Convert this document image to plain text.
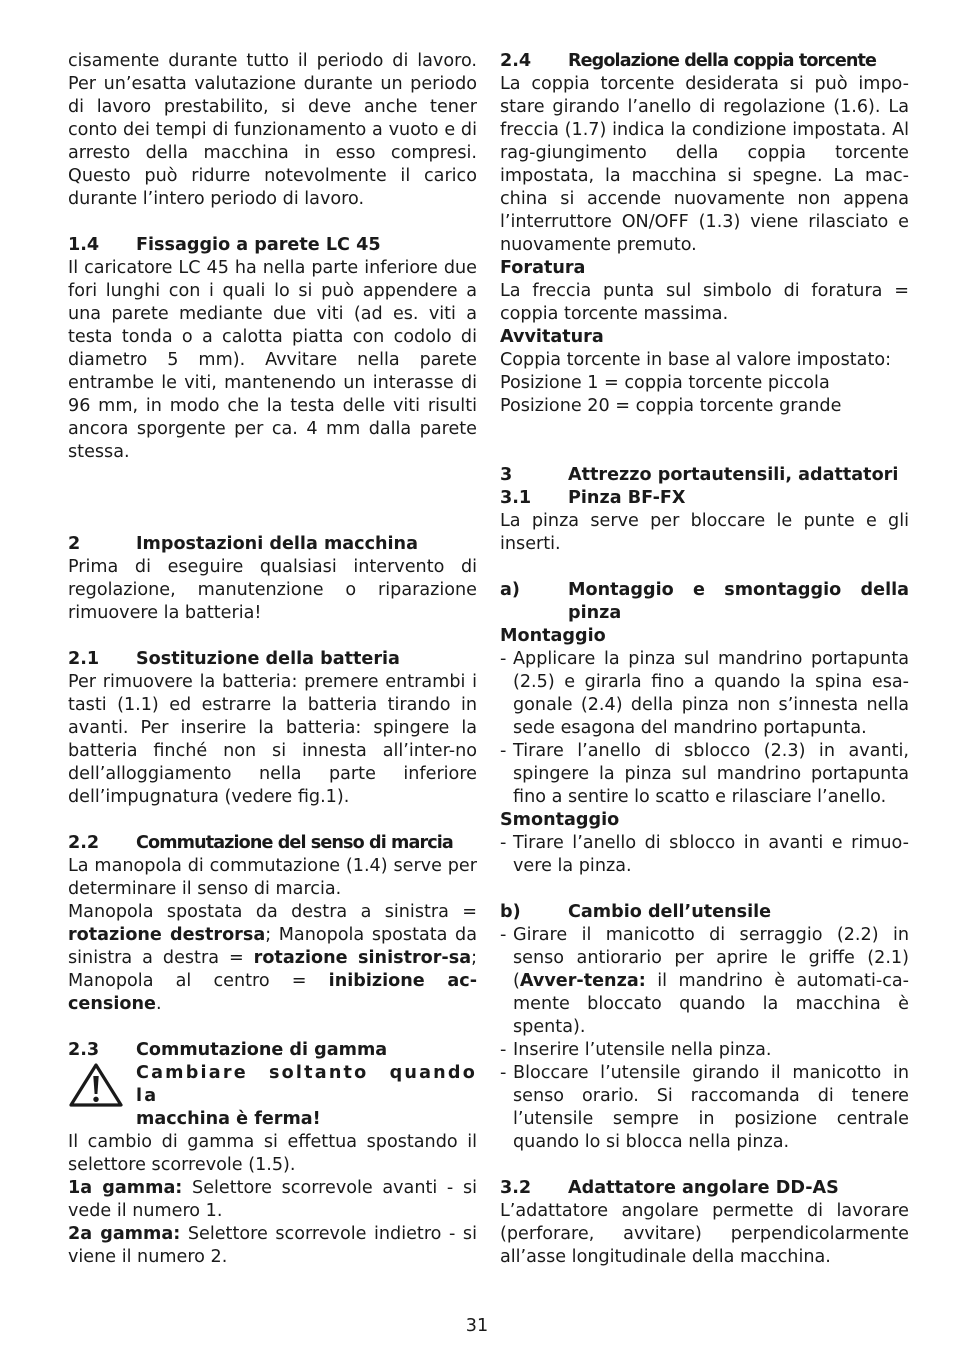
cisamente durante tutto il periodo di lavoro. Per un’esatta valutazione durante un periodo di lavoro prestabilito, si deve anche tener conto dei tempi di funzionamento a vuoto e di arresto della macchina in esso compresi. Questo può ridurre notevolmente il carico durante l’intero periodo di lavoro.

1.4	Fissaggio a parete LC 45

Il caricatore LC 45 ha nella parte inferiore due fori lunghi con i quali lo si può appendere a una parete mediante due viti (ad es. viti a testa tonda o a calotta piatta con codolo di diametro 5 mm). Avvitare nella parete entrambe le viti, mantenendo un interasse di 96 mm, in modo che la testa delle viti risulti ancora sporgente per ca. 4 mm dalla parete stessa.

2	Impostazioni della macchina

Prima di eseguire qualsiasi intervento di regolazione, manutenzione o riparazione rimuovere la batteria!

2.1	Sostituzione della batteria

Per rimuovere la batteria: premere entrambi i tasti (1.1) ed estrarre la batteria tirando in avanti. Per inserire la batteria: spingere la batteria finché non si innesta all’inter-no dell’alloggiamento nella parte inferiore dell’impugnatura (vedere fig.1).

2.2	Commutazione del senso di marcia

La manopola di commutazione (1.4) serve per determinare il senso di marcia.

Manopola spostata da destra a sinistra = rotazione destrorsa; Manopola spostata da sinistra a destra = rotazione sinistror-sa; Manopola al centro = inibizione ac-censione.

2.3	Commutazione di gamma
Cambiare soltanto quando la
macchina è ferma!

Il cambio di gamma si effettua spostando il selettore scorrevole (1.5).

1a gamma: Selettore scorrevole avanti - si vede il numero 1.

2a gamma: Selettore scorrevole indietro - si viene il numero 2.

2.4	Regolazione della coppia torcente

La coppia torcente desiderata si può impo-stare girando l’anello di regolazione (1.6). La freccia (1.7) indica la condizione impostata. Al rag-giungimento della coppia torcente impostata, la macchina si spegne. La mac-china si accende nuovamente non appena l’interruttore ON/OFF (1.3) viene rilasciato e nuovamente premuto.

Foratura

La freccia punta sul simbolo di foratura = coppia torcente massima.

Avvitatura
Coppia torcente in base al valore impostato:
Posizione 1 = coppia torcente piccola
Posizione 20 = coppia torcente grande
3	Attrezzo portautensili, adattatori
3.1	Pinza BF-FX

La pinza serve per bloccare le punte e gli inserti.

a)	Montaggio e smontaggio della pinza
Montaggio
- Applicare la pinza sul mandrino portapunta (2.5) e girarla fino a quando la spina esa-gonale (2.4) della pinza non s’innesta nella sede esagona del mandrino portapunta.
- Tirare l’anello di sblocco (2.3) in avanti, spingere la pinza sul mandrino portapunta fino a sentire lo scatto e rilasciare l’anello.
Smontaggio
- Tirare l’anello di sblocco in avanti e rimuo-vere la pinza.
b)	Cambio dell’utensile
- Girare il manicotto di serraggio (2.2) in senso antiorario per aprire le griffe (2.1) (Avver-tenza: il mandrino è automati-ca-mente bloccato quando la macchina è spenta).
- Inserire l’utensile nella pinza.
- Bloccare l’utensile girando il manicotto in senso orario. Si raccomanda di tenere l’utensile sempre in posizione centrale quando lo si blocca nella pinza.
3.2	Adattatore angolare DD-AS

L’adattatore angolare permette di lavorare (perforare, avvitare) perpendicolarmente all’asse longitudinale della macchina.

31
